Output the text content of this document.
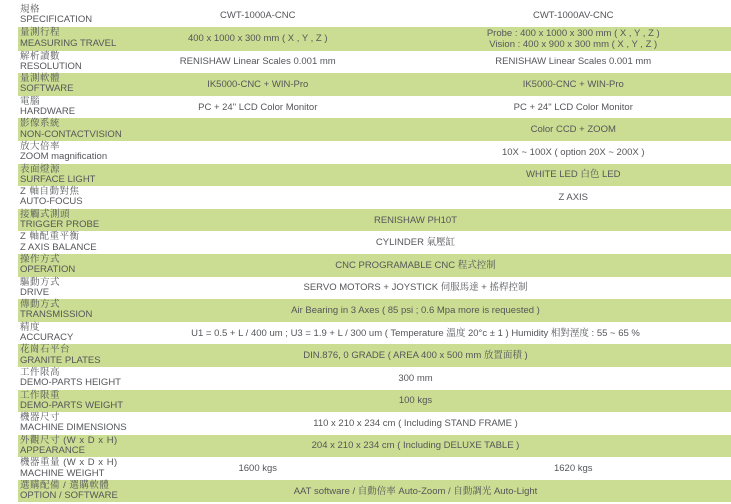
規格
SPECIFICATION	CWT-1000A-CNC	CWT-1000AV-CNC
量測行程
MEASURING TRAVEL	400 x 1000 x 300 mm ( X , Y , Z )	Probe : 400 x 1000 x 300 mm ( X , Y , Z )
Vision : 400 x 900 x 300 mm ( X , Y , Z )
解析讀數
RESOLUTION	RENISHAW Linear Scales 0.001 mm	RENISHAW Linear Scales 0.001 mm
量測軟體
SOFTWARE	IK5000-CNC + WIN-Pro	IK5000-CNC + WIN-Pro
電腦
HARDWARE	PC + 24" LCD Color Monitor	PC + 24" LCD Color Monitor
影像系統
NON-CONTACTVISION	Color CCD + ZOOM
放大倍率
ZOOM magnification	10X ~ 100X ( option 20X ~ 200X )
表面燈源
SURFACE LIGHT	WHITE LED 白色 LED
Z 軸自動對焦
AUTO-FOCUS	Z AXIS
接觸式測頭
TRIGGER PROBE	RENISHAW PH10T
Z 軸配重平衡
Z AXIS BALANCE	CYLINDER 氣壓缸
操作方式
OPERATION	CNC PROGRAMABLE CNC 程式控制
驅動方式
DRIVE	SERVO MOTORS + JOYSTICK 伺服馬達 + 搖桿控制
傳動方式
TRANSMISSION	Air Bearing in 3 Axes ( 85 psi ; 0.6 Mpa more is requested )
精度
ACCURACY	U1 = 0.5 + L / 400 um ; U3 = 1.9 + L / 300 um ( Temperature 溫度 20°c ± 1 ) Humidity 相對溼度 : 55 ~ 65 %
花崗石平台
GRANITE PLATES	DIN.876, 0 GRADE ( AREA 400 x 500 mm 放置面積 )
工件限高
DEMO-PARTS HEIGHT	300 mm
工作限重
DEMO-PARTS WEIGHT	100 kgs
機器尺寸
MACHINE DIMENSIONS	110 x 210 x 234 cm ( Including STAND FRAME )
外觀尺寸 (W x D x H)
APPEARANCE	204 x 210 x 234 cm ( Including DELUXE TABLE )
機器重量 (W x D x H)
MACHINE WEIGHT	1600 kgs	1620 kgs
選購配備 / 選購軟體
OPTION / SOFTWARE	AAT software / 自動倍率 Auto-Zoom / 自動調光 Auto-Light
